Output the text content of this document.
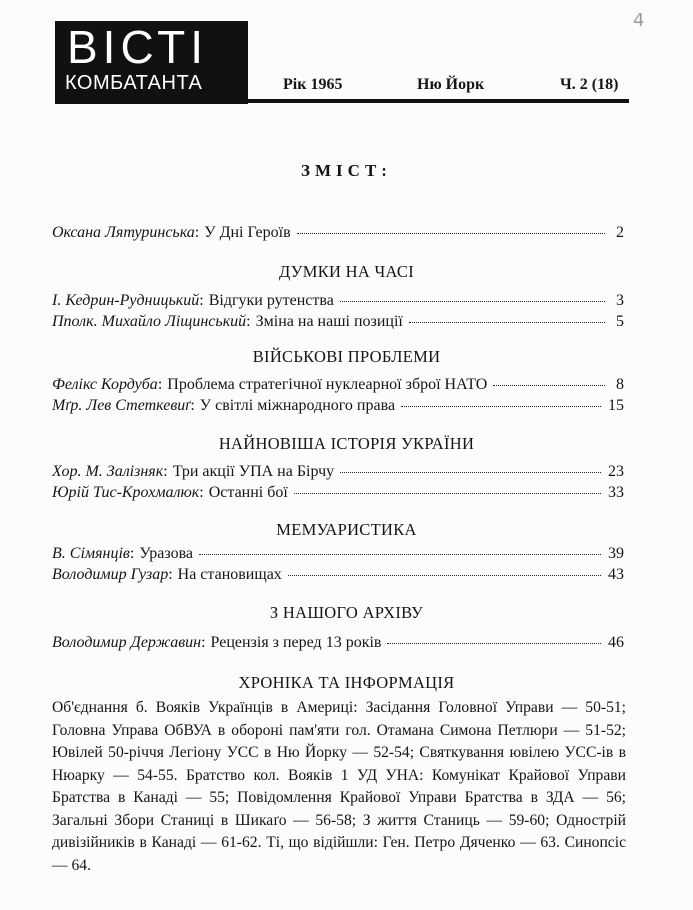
ВІСТІ
КОМБАТАНТА	Рік 1965	Ню Йорк	Ч. 2 (18)
4
ЗМІСТ:
Оксана Лятуринська : У Дні Героїв	2
ДУМКИ НА ЧАСІ
І. Кедрин-Рудницький : Відгуки рутенства	3
Пполк. Михайло Ліщинський : Зміна на наші позиції	5
ВІЙСЬКОВІ ПРОБЛЕМИ
Фелікс Кордуба : Проблема стратегічної нуклеарної зброї НАТО	8
Мґр. Лев Стеткевиґ : У світлі міжнародного права	15
НАЙНОВІША ІСТОРІЯ УКРАЇНИ
Хор. М. Залізняк : Три акції УПА на Бірчу	23
Юрій Тис-Крохмалюк : Останні бої	33
МЕМУАРИСТИКА
В. Сімянців : Уразова	39
Володимир Гузар : На становищах	43
З НАШОГО АРХІВУ
Володимир Державин : Рецензія з перед 13 років	46
ХРОНІКА ТА ІНФОРМАЦІЯ
Об'єднання б. Вояків Українців в Америці: Засідання Головної Управи — 50-51; Головна Управа ОбВУА в обороні пам'яти гол. Отамана Симона Петлюри — 51-52; Ювілей 50-річчя Легіону УСС в Ню Йорку — 52-54; Святкування ювілею УСС-ів в Нюарку — 54-55. Братство кол. Вояків 1 УД УНА: Комунікат Крайової Управи Братства в Канаді — 55; Повідомлення Крайової Управи Братства в ЗДА — 56; Загальні Збори Станиці в Шикаґо — 56-58; З життя Станиць — 59-60; Однострій дивізійників в Канаді — 61-62. Ті, що відійшли: Ген. Петро Дяченко — 63. Синопсіс — 64.
